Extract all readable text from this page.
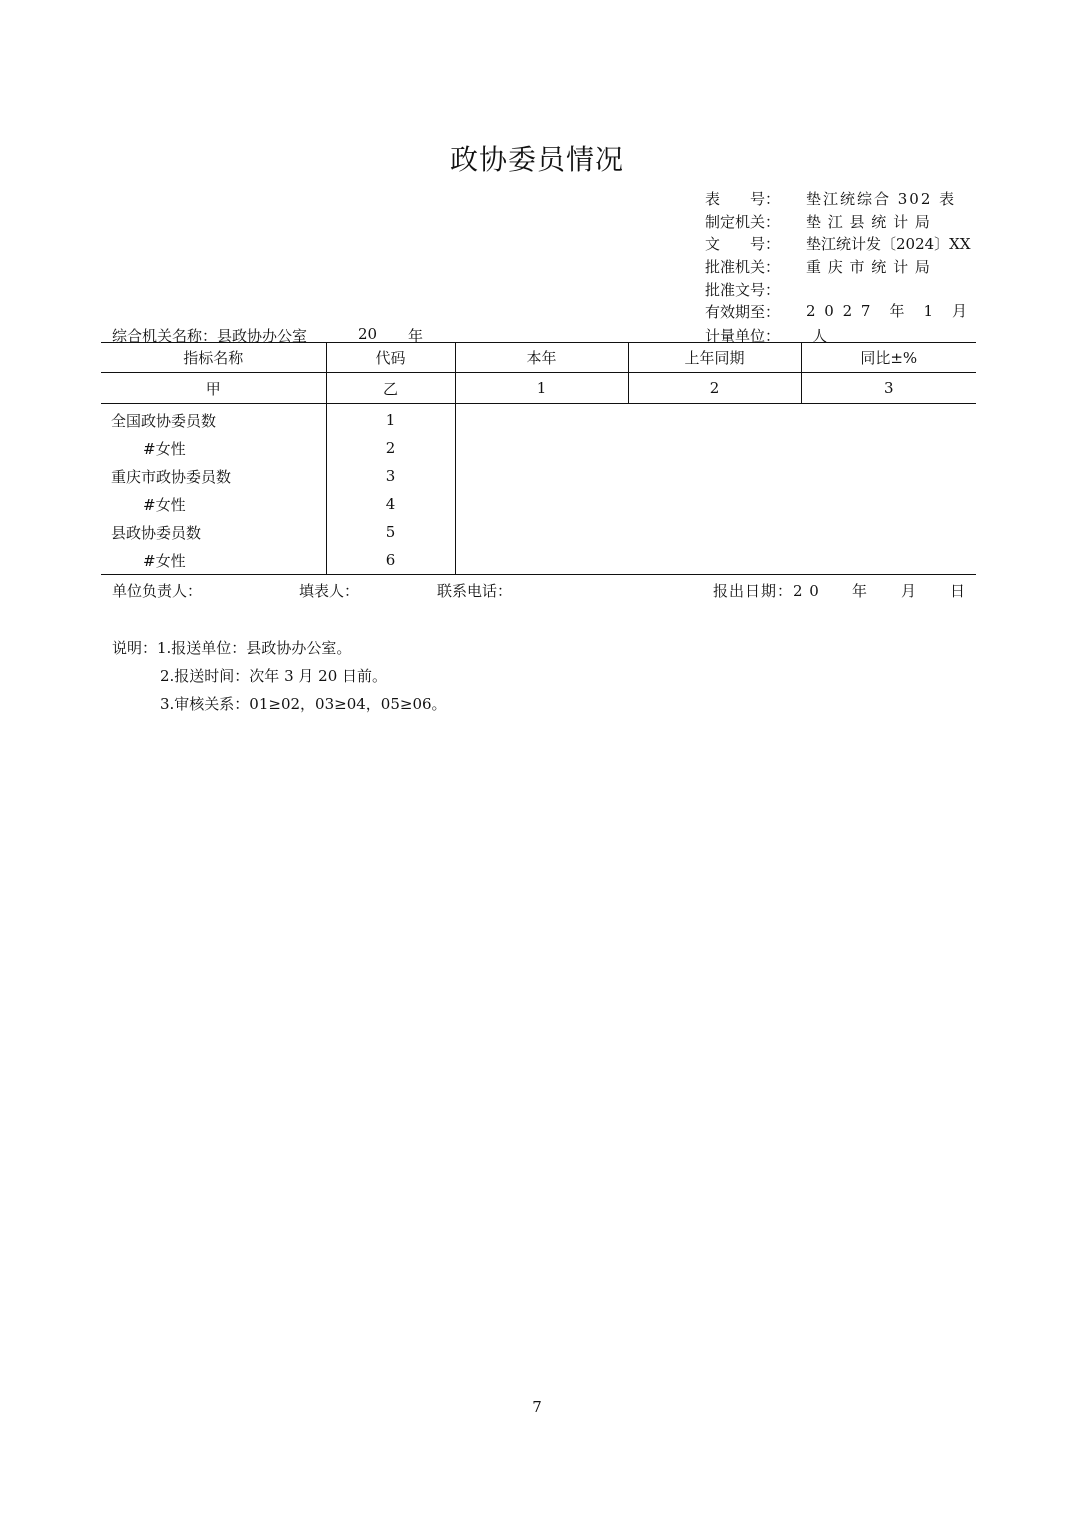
政协委员情况
表　　号： 垫江统综合 302 表
制定机关： 垫 江 县 统 计 局
文　　号： 垫江统计发〔2024〕XX
批准机关： 重 庆 市 统 计 局
批准文号：
有效期至： 2 0 2 7　年　1　月
计量单位： 人
综合机关名称：县政协办公室	20 年
指标名称	代码	本年	上年同期	同比±%
甲	乙	1	2	3
全国政协委员数	1			
#女性	2			
重庆市政协委员数	3			
#女性	4			
县政协委员数	5			
#女性	6			
单位负责人：	填表人：	联系电话：	报出日期：2 0 年 月 日
说明：1.报送单位：县政协办公室。
2.报送时间：次年 3 月 20 日前。
3.审核关系：01≥02，03≥04，05≥06。
7
